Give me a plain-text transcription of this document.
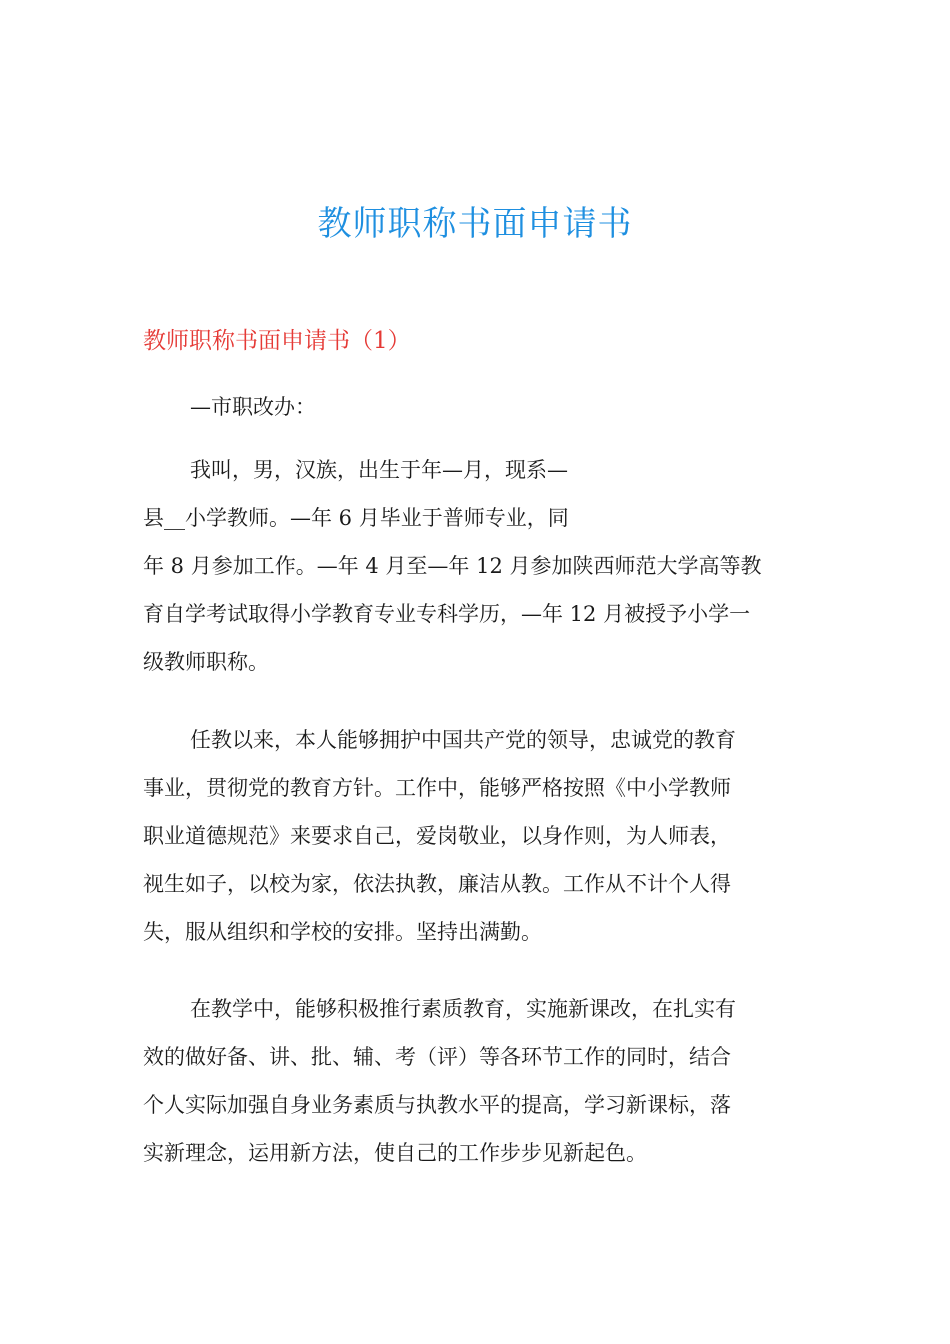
教师职称书面申请书
教师职称书面申请书（1）

—市职改办：

我叫，男，汉族，出生于年—月，现系—
县__小学教师。—年 6 月毕业于普师专业，同
年 8 月参加工作。—年 4 月至—年 12 月参加陕西师范大学高等教
育自学考试取得小学教育专业专科学历，—年 12 月被授予小学一
级教师职称。
任教以来，本人能够拥护中国共产党的领导，忠诚党的教育
事业，贯彻党的教育方针。工作中，能够严格按照《中小学教师
职业道德规范》来要求自己，爱岗敬业，以身作则，为人师表，
视生如子，以校为家，依法执教，廉洁从教。工作从不计个人得
失，服从组织和学校的安排。坚持出满勤。
在教学中，能够积极推行素质教育，实施新课改，在扎实有
效的做好备、讲、批、辅、考（评）等各环节工作的同时，结合
个人实际加强自身业务素质与执教水平的提高，学习新课标，落
实新理念，运用新方法，使自己的工作步步见新起色。
